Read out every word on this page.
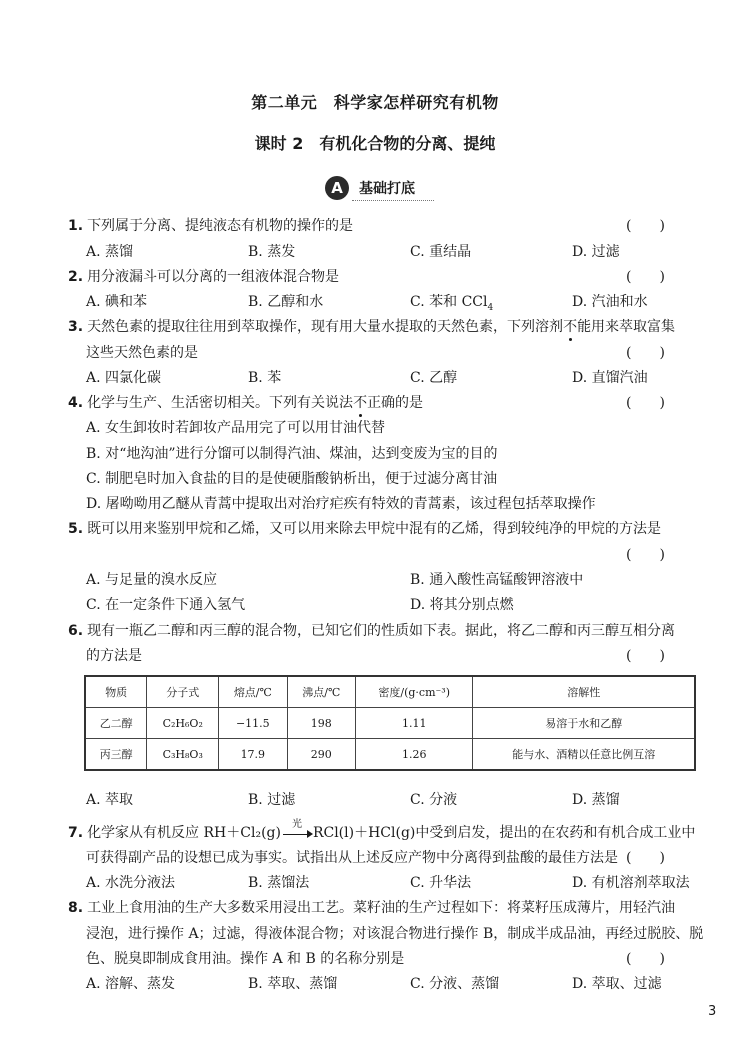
第二单元　科学家怎样研究有机物
课时 2　有机化合物的分离、提纯
A	基础打底
1. 下列属于分离、提纯液态有机物的操作的是	(　　)
A. 蒸馏	B. 蒸发	C. 重结晶	D. 过滤
2. 用分液漏斗可以分离的一组液体混合物是	(　　)
A. 碘和苯	B. 乙醇和水	C. 苯和 CCl$_4$	D. 汽油和水
3. 天然色素的提取往往用到萃取操作，现有用大量水提取的天然色素，下列溶剂不能用来萃取富集
这些天然色素的是	(　　)
A. 四氯化碳	B. 苯	C. 乙醇	D. 直馏汽油
4. 化学与生产、生活密切相关。下列有关说法不正确的是	(　　)
A. 女生卸妆时若卸妆产品用完了可以用甘油代替
B. 对“地沟油”进行分馏可以制得汽油、煤油，达到变废为宝的目的
C. 制肥皂时加入食盐的目的是使硬脂酸钠析出，便于过滤分离甘油
D. 屠呦呦用乙醚从青蒿中提取出对治疗疟疾有特效的青蒿素，该过程包括萃取操作
5. 既可以用来鉴别甲烷和乙烯，又可以用来除去甲烷中混有的乙烯，得到较纯净的甲烷的方法是
(　　)
A. 与足量的溴水反应	B. 通入酸性高锰酸钾溶液中
C. 在一定条件下通入氢气	D. 将其分别点燃
6. 现有一瓶乙二醇和丙三醇的混合物，已知它们的性质如下表。据此，将乙二醇和丙三醇互相分离
的方法是	(　　)
物质	分子式	熔点/℃	沸点/℃	密度/(g·cm⁻³)	溶解性
乙二醇	C₂H₆O₂	−11.5	198	1.11	易溶于水和乙醇
丙三醇	C₃H₈O₃	17.9	290	1.26	能与水、酒精以任意比例互溶
A. 萃取	B. 过滤	C. 分液	D. 蒸馏
7. 化学家从有机反应 RH＋Cl₂(g)
光
RCl(l)＋HCl(g)中受到启发，提出的在农药和有机合成工业中
可获得副产品的设想已成为事实。试指出从上述反应产物中分离得到盐酸的最佳方法是 (　　)
A. 水洗分液法	B. 蒸馏法	C. 升华法	D. 有机溶剂萃取法
8. 工业上食用油的生产大多数采用浸出工艺。菜籽油的生产过程如下：将菜籽压成薄片，用轻汽油
浸泡，进行操作 A；过滤，得液体混合物；对该混合物进行操作 B，制成半成品油，再经过脱胶、脱
色、脱臭即制成食用油。操作 A 和 B 的名称分别是	(　　)
A. 溶解、蒸发	B. 萃取、蒸馏	C. 分液、蒸馏	D. 萃取、过滤
3
